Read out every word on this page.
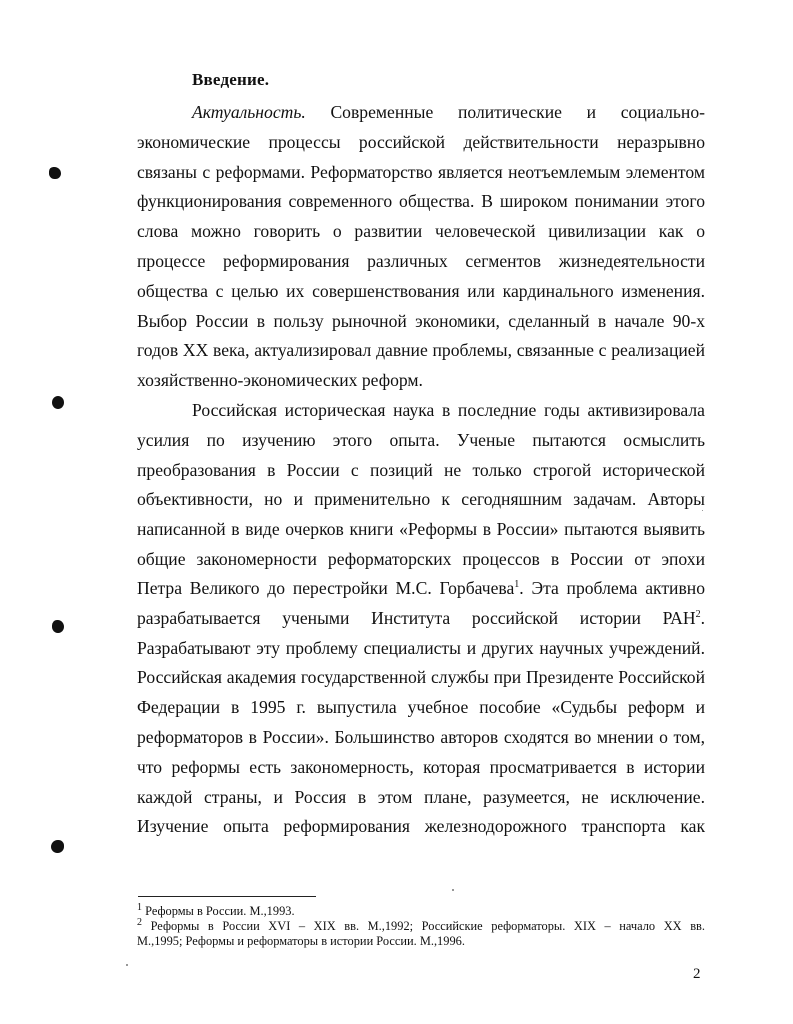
Введение.
Актуальность. Современные политические и социально-
экономические процессы российской действительности неразрывно
связаны с реформами. Реформаторство является неотъемлемым элементом
функционирования современного общества. В широком понимании этого
слова можно говорить о развитии человеческой цивилизации как о
процессе реформирования различных сегментов жизнедеятельности
общества с целью их совершенствования или кардинального изменения.
Выбор России в пользу рыночной экономики, сделанный в начале 90-х
годов XX века, актуализировал давние проблемы, связанные с реализацией
хозяйственно-экономических реформ.
Российская историческая наука в последние годы активизировала
усилия по изучению этого опыта. Ученые пытаются осмыслить
преобразования в России с позиций не только строгой исторической
объективности, но и применительно к сегодняшним задачам. Авторы
написанной в виде очерков книги «Реформы в России» пытаются выявить
общие закономерности реформаторских процессов в России от эпохи
Петра Великого до перестройки М.С. Горбачева$^1$. Эта проблема активно
разрабатывается учеными Института российской истории РАН$^2$.
Разрабатывают эту проблему специалисты и других научных учреждений.
Российская академия государственной службы при Президенте Российской
Федерации в 1995 г. выпустила учебное пособие «Судьбы реформ и
реформаторов в России». Большинство авторов сходятся во мнении о том,
что реформы есть закономерность, которая просматривается в истории
каждой страны, и Россия в этом плане, разумеется, не исключение.
Изучение опыта реформирования железнодорожного транспорта как
$^1$ Реформы в России. М.,1993.
$^2$ Реформы в России XVI – XIX вв. М.,1992; Российские реформаторы. XIX – начало XX вв.
М.,1995; Реформы и реформаторы в истории России. М.,1996.
2
